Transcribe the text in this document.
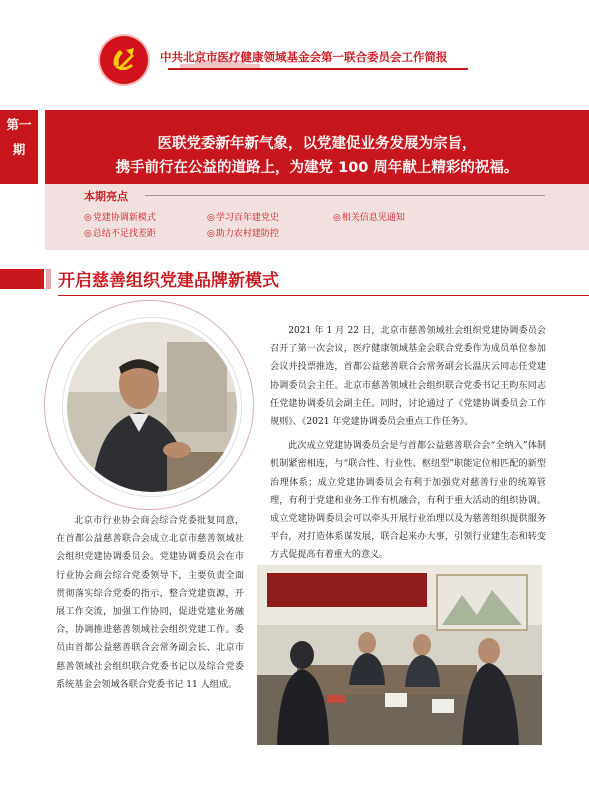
中共北京市医疗健康领域基金会第一联合委员会工作简报
第一
期	医联党委新年新气象，以党建促业务发展为宗旨，
携手前行在公益的道路上，为建党 100 周年献上精彩的祝福。
本期亮点
◎ 党建协调新模式	◎ 学习百年建党史	◎ 相关信息见通知
◎ 总结不足找差距	◎ 助力农村建防控
开启慈善组织党建品牌新模式

2021 年 1 月 22 日，北京市慈善领域社会组织党建协调委员会召开了第一次会议，医疗健康领域基金会联合党委作为成员单位参加会议并投票推选，首都公益慈善联合会常务副会长温庆云同志任党建协调委员会主任。北京市慈善领域社会组织联合党委书记王昀东同志任党建协调委员会副主任。同时，讨论通过了《党建协调委员会工作规则》、《2021 年党建协调委员会重点工作任务》。

此次成立党建协调委员会是与首都公益慈善联合会“全纳入”体制机制紧密相连，与“联合性、行业性、枢纽型”职能定位相匹配的新型治理体系；成立党建协调委员会有利于加强党对慈善行业的统筹管理，有利于党建和业务工作有机融合，有利于重大活动的组织协调。成立党建协调委员会可以牵头开展行业治理以及为慈善组织提供服务平台，对打造体系谋发展，联合起来办大事，引领行业建生态和转变方式促提高有着重大的意义。

北京市行业协会商会综合党委批复同意，在首都公益慈善联合会成立北京市慈善领域社会组织党建协调委员会。党建协调委员会在市行业协会商会综合党委领导下，主要负责全面贯彻落实综合党委的指示，整合党建资源，开展工作交流，加强工作协同，促进党建业务融合，协调推进慈善领域社会组织党建工作。委员由首都公益慈善联合会常务副会长、北京市慈善领域社会组织联合党委书记以及综合党委系统基金会领域各联合党委书记 11 人组成。
